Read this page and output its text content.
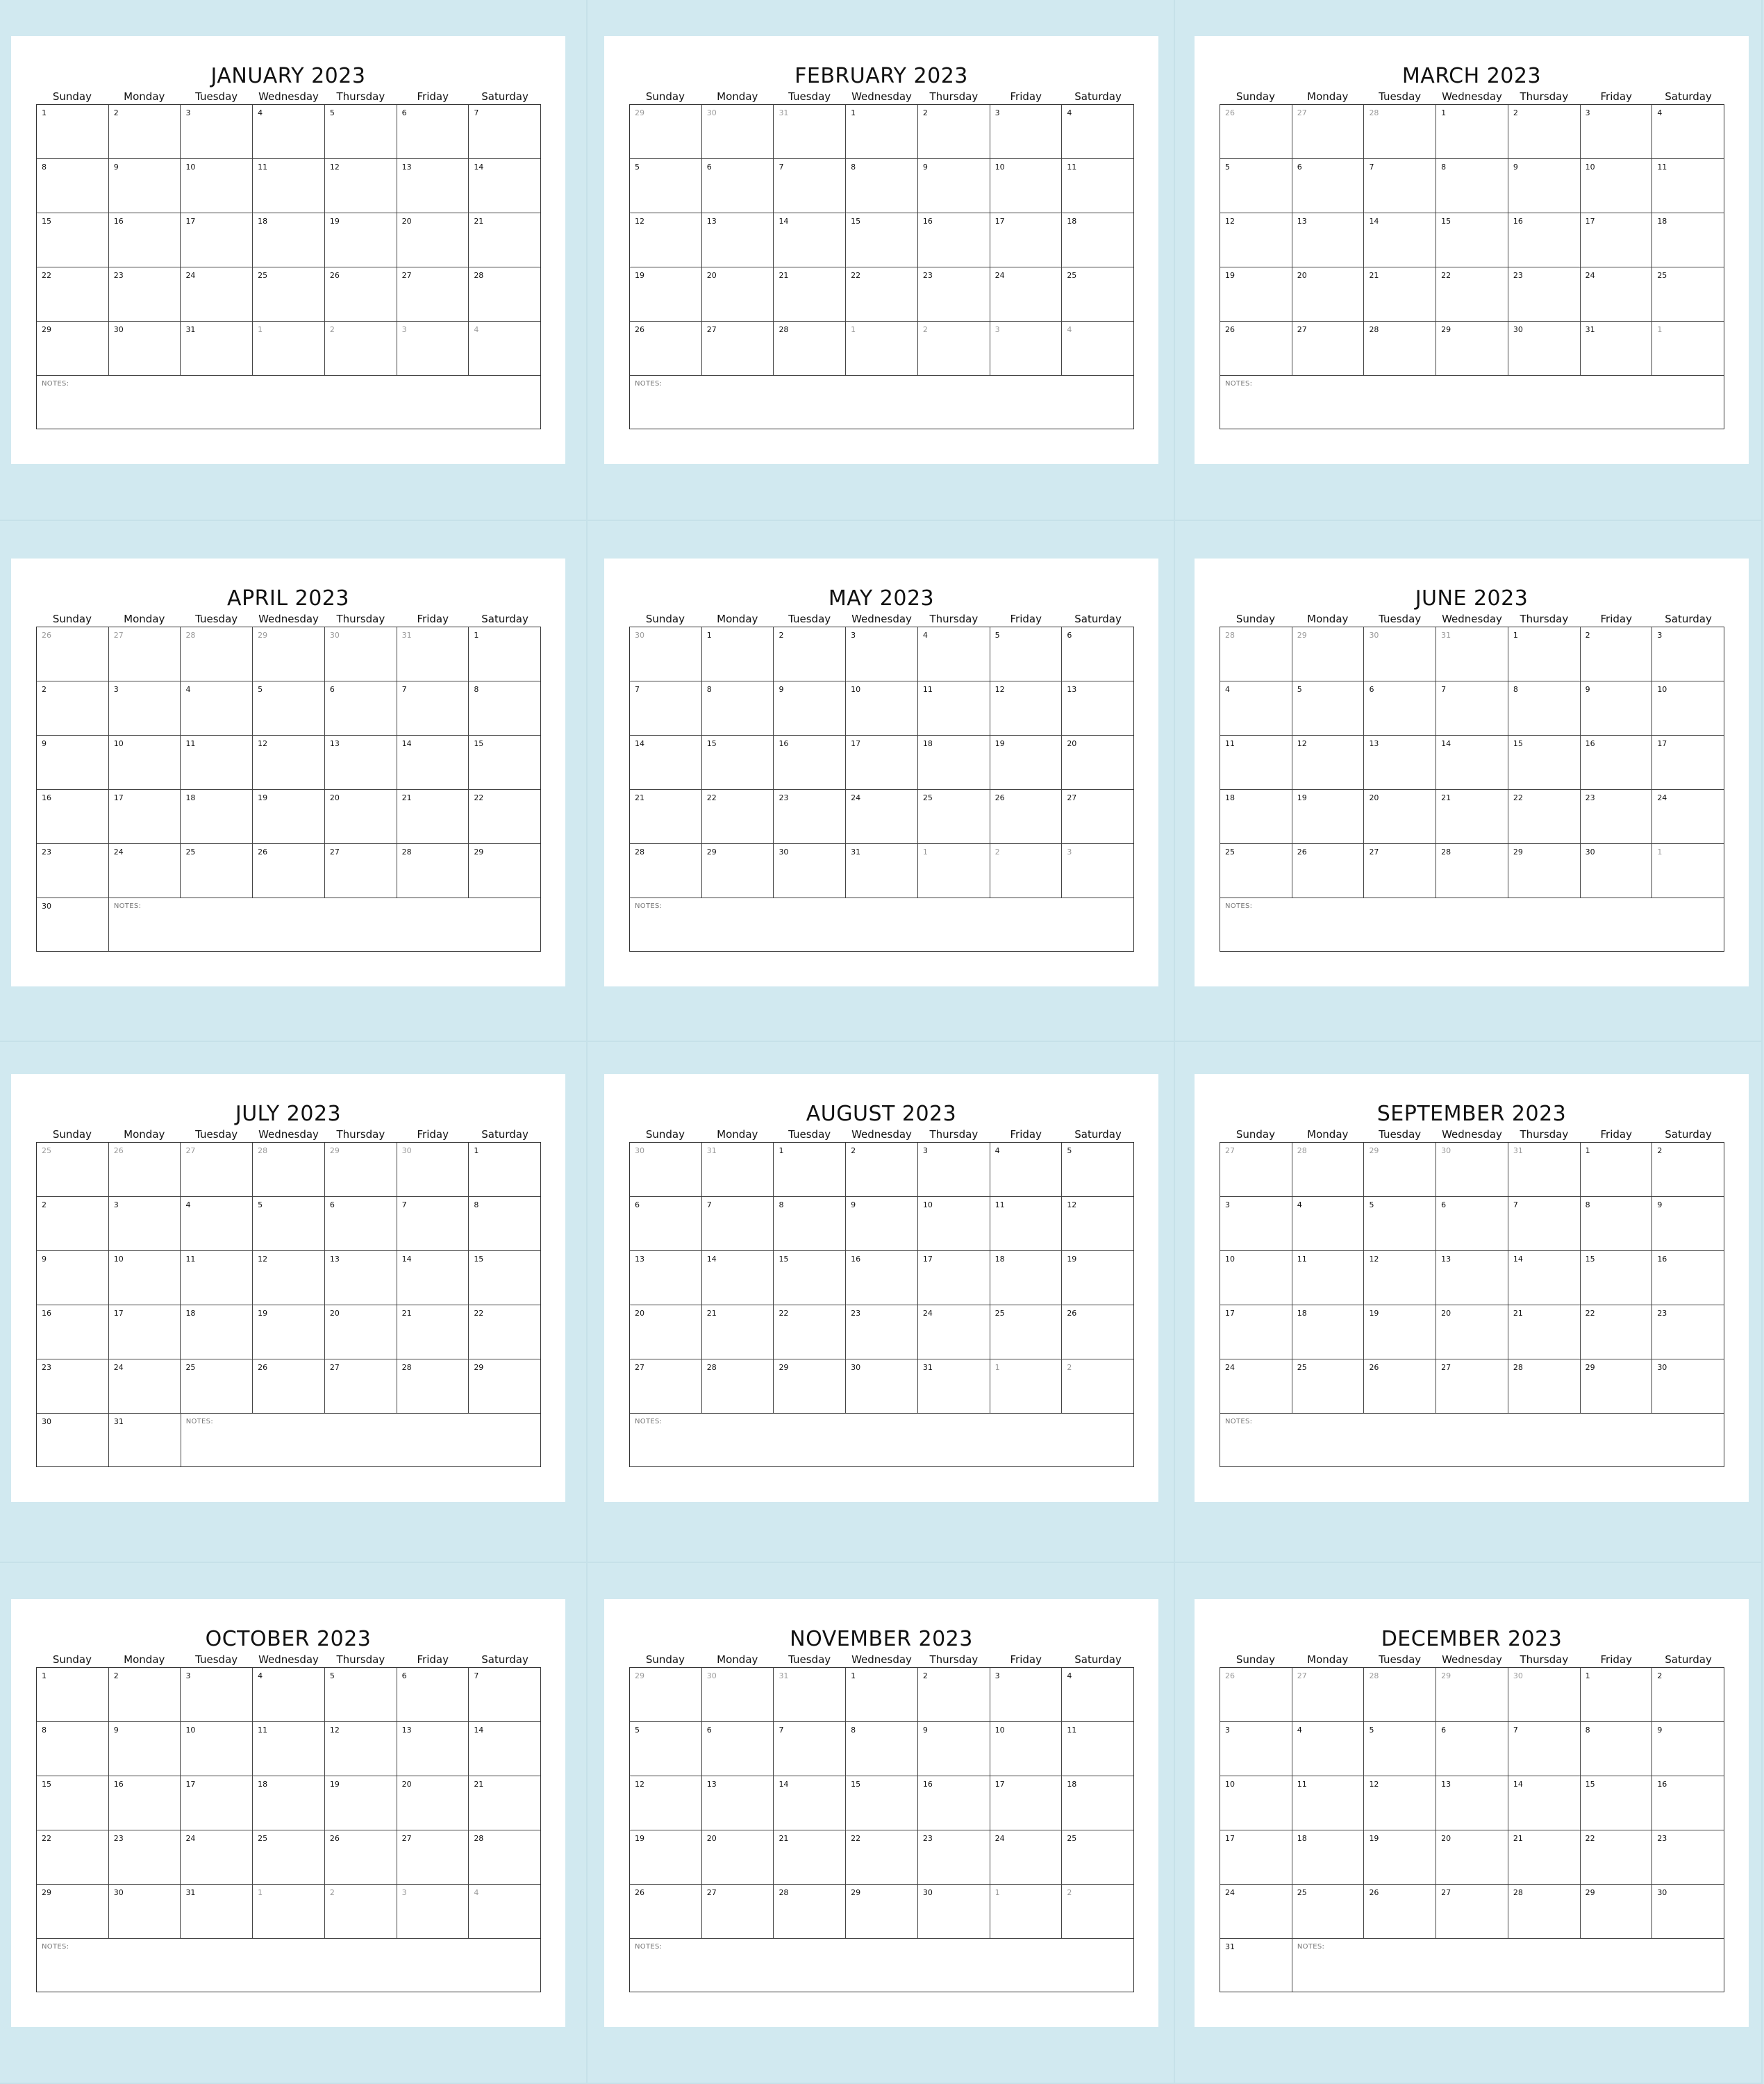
JANUARY 2023
Sunday	Monday	Tuesday	Wednesday	Thursday	Friday	Saturday
1	2	3	4	5	6	7
8	9	10	11	12	13	14
15	16	17	18	19	20	21
22	23	24	25	26	27	28
29	30	31	1	2	3	4
NOTES:
FEBRUARY 2023
Sunday	Monday	Tuesday	Wednesday	Thursday	Friday	Saturday
29	30	31	1	2	3	4
5	6	7	8	9	10	11
12	13	14	15	16	17	18
19	20	21	22	23	24	25
26	27	28	1	2	3	4
NOTES:
MARCH 2023
Sunday	Monday	Tuesday	Wednesday	Thursday	Friday	Saturday
26	27	28	1	2	3	4
5	6	7	8	9	10	11
12	13	14	15	16	17	18
19	20	21	22	23	24	25
26	27	28	29	30	31	1
NOTES:
APRIL 2023
Sunday	Monday	Tuesday	Wednesday	Thursday	Friday	Saturday
26	27	28	29	30	31	1
2	3	4	5	6	7	8
9	10	11	12	13	14	15
16	17	18	19	20	21	22
23	24	25	26	27	28	29
30	NOTES:
MAY 2023
Sunday	Monday	Tuesday	Wednesday	Thursday	Friday	Saturday
30	1	2	3	4	5	6
7	8	9	10	11	12	13
14	15	16	17	18	19	20
21	22	23	24	25	26	27
28	29	30	31	1	2	3
NOTES:
JUNE 2023
Sunday	Monday	Tuesday	Wednesday	Thursday	Friday	Saturday
28	29	30	31	1	2	3
4	5	6	7	8	9	10
11	12	13	14	15	16	17
18	19	20	21	22	23	24
25	26	27	28	29	30	1
NOTES:
JULY 2023
Sunday	Monday	Tuesday	Wednesday	Thursday	Friday	Saturday
25	26	27	28	29	30	1
2	3	4	5	6	7	8
9	10	11	12	13	14	15
16	17	18	19	20	21	22
23	24	25	26	27	28	29
30	31	NOTES:
AUGUST 2023
Sunday	Monday	Tuesday	Wednesday	Thursday	Friday	Saturday
30	31	1	2	3	4	5
6	7	8	9	10	11	12
13	14	15	16	17	18	19
20	21	22	23	24	25	26
27	28	29	30	31	1	2
NOTES:
SEPTEMBER 2023
Sunday	Monday	Tuesday	Wednesday	Thursday	Friday	Saturday
27	28	29	30	31	1	2
3	4	5	6	7	8	9
10	11	12	13	14	15	16
17	18	19	20	21	22	23
24	25	26	27	28	29	30
NOTES:
OCTOBER 2023
Sunday	Monday	Tuesday	Wednesday	Thursday	Friday	Saturday
1	2	3	4	5	6	7
8	9	10	11	12	13	14
15	16	17	18	19	20	21
22	23	24	25	26	27	28
29	30	31	1	2	3	4
NOTES:
NOVEMBER 2023
Sunday	Monday	Tuesday	Wednesday	Thursday	Friday	Saturday
29	30	31	1	2	3	4
5	6	7	8	9	10	11
12	13	14	15	16	17	18
19	20	21	22	23	24	25
26	27	28	29	30	1	2
NOTES:
DECEMBER 2023
Sunday	Monday	Tuesday	Wednesday	Thursday	Friday	Saturday
26	27	28	29	30	1	2
3	4	5	6	7	8	9
10	11	12	13	14	15	16
17	18	19	20	21	22	23
24	25	26	27	28	29	30
31	NOTES:
